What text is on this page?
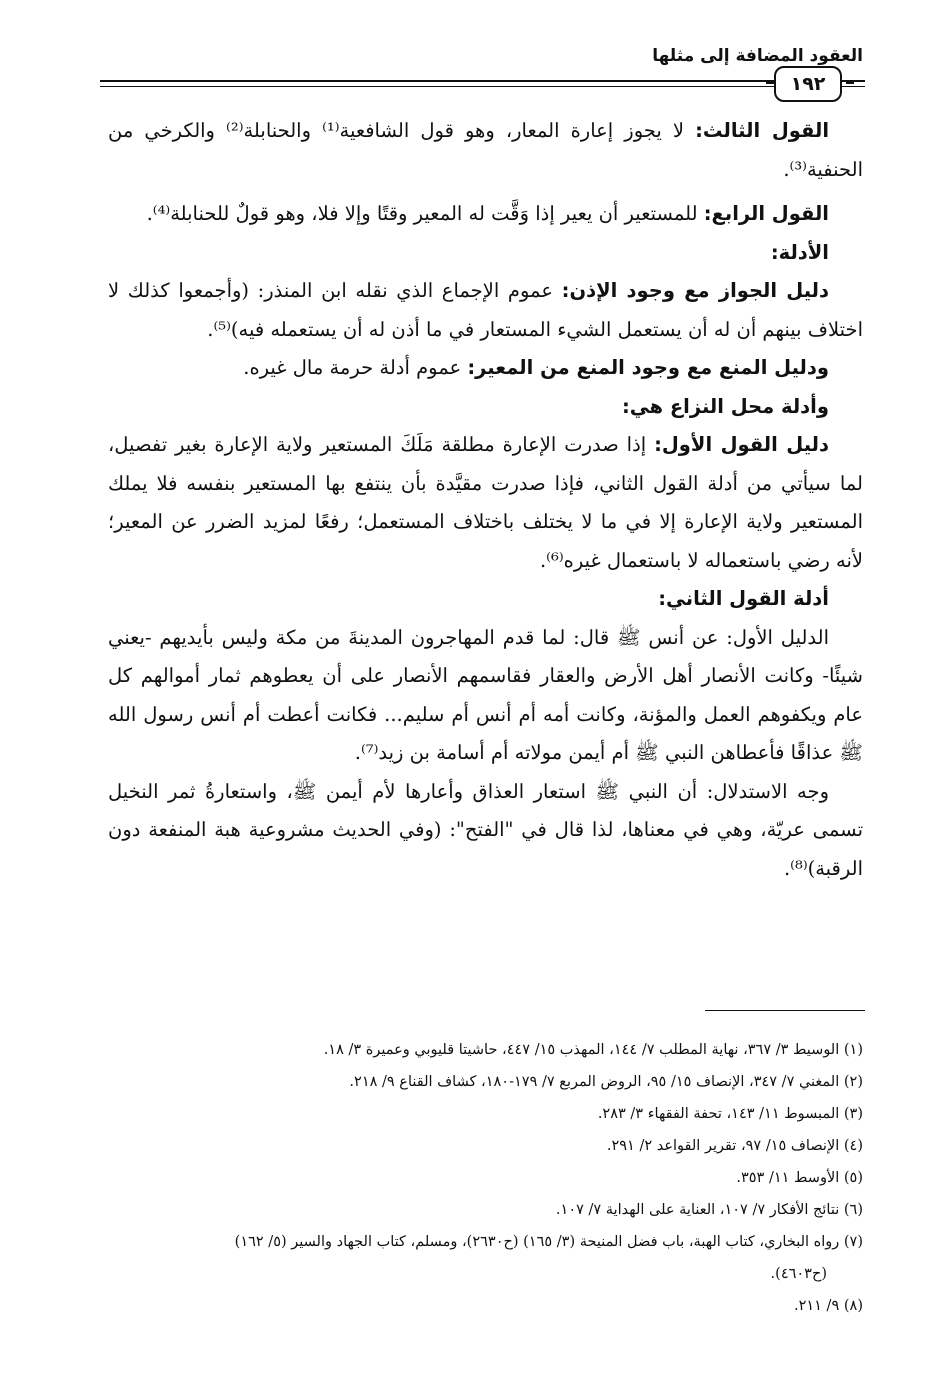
العقود المضافة إلى مثلها
١٩٢

القول الثالث: لا يجوز إعارة المعار، وهو قول الشافعية⁽¹⁾ والحنابلة⁽²⁾ والكرخي من الحنفية⁽³⁾.

القول الرابع: للمستعير أن يعير إذا وَقَّت له المعير وقتًا وإلا فلا، وهو قولٌ للحنابلة⁽⁴⁾.

الأدلة:

دليل الجواز مع وجود الإذن: عموم الإجماع الذي نقله ابن المنذر: (وأجمعوا كذلك لا اختلاف بينهم أن له أن يستعمل الشيء المستعار في ما أذن له أن يستعمله فيه)⁽⁵⁾.

ودليل المنع مع وجود المنع من المعير: عموم أدلة حرمة مال غيره.

وأدلة محل النزاع هي:

دليل القول الأول: إذا صدرت الإعارة مطلقة مَلَكَ المستعير ولاية الإعارة بغير تفصيل، لما سيأتي من أدلة القول الثاني، فإذا صدرت مقيَّدة بأن ينتفع بها المستعير بنفسه فلا يملك المستعير ولاية الإعارة إلا في ما لا يختلف باختلاف المستعمل؛ رفعًا لمزيد الضرر عن المعير؛ لأنه رضي باستعماله لا باستعمال غيره⁽⁶⁾.

أدلة القول الثاني:

الدليل الأول: عن أنس ﷺ قال: لما قدم المهاجرون المدينةَ من مكة وليس بأيديهم -يعني شيئًا- وكانت الأنصار أهل الأرض والعقار فقاسمهم الأنصار على أن يعطوهم ثمار أموالهم كل عام ويكفوهم العمل والمؤنة، وكانت أمه أم أنس أم سليم... فكانت أعطت أم أنس رسول الله ﷺ عذاقًا فأعطاهن النبي ﷺ أم أيمن مولاته أم أسامة بن زيد⁽⁷⁾.

وجه الاستدلال: أن النبي ﷺ استعار العذاق وأعارها لأم أيمن ﷺ، واستعارةُ ثمر النخيل تسمى عريّة، وهي في معناها، لذا قال في "الفتح": (وفي الحديث مشروعية هبة المنفعة دون الرقبة)⁽⁸⁾.

(١) الوسيط ٣/ ٣٦٧، نهاية المطلب ٧/ ١٤٤، المهذب ١٥/ ٤٤٧، حاشيتا قليوبي وعميرة ٣/ ١٨.

(٢) المغني ٧/ ٣٤٧، الإنصاف ١٥/ ٩٥، الروض المربع ٧/ ١٧٩-١٨٠، كشاف القناع ٩/ ٢١٨.

(٣) المبسوط ١١/ ١٤٣، تحفة الفقهاء ٣/ ٢٨٣.

(٤) الإنصاف ١٥/ ٩٧، تقرير القواعد ٢/ ٢٩١.

(٥) الأوسط ١١/ ٣٥٣.

(٦) نتائج الأفكار ٧/ ١٠٧، العناية على الهداية ٧/ ١٠٧.

(٧) رواه البخاري، كتاب الهبة، باب فضل المنيحة (٣/ ١٦٥) (ح٢٦٣٠)، ومسلم، كتاب الجهاد والسير (٥/ ١٦٢)

(ح٤٦٠٣).

(٨) ٩/ ٢١١.
